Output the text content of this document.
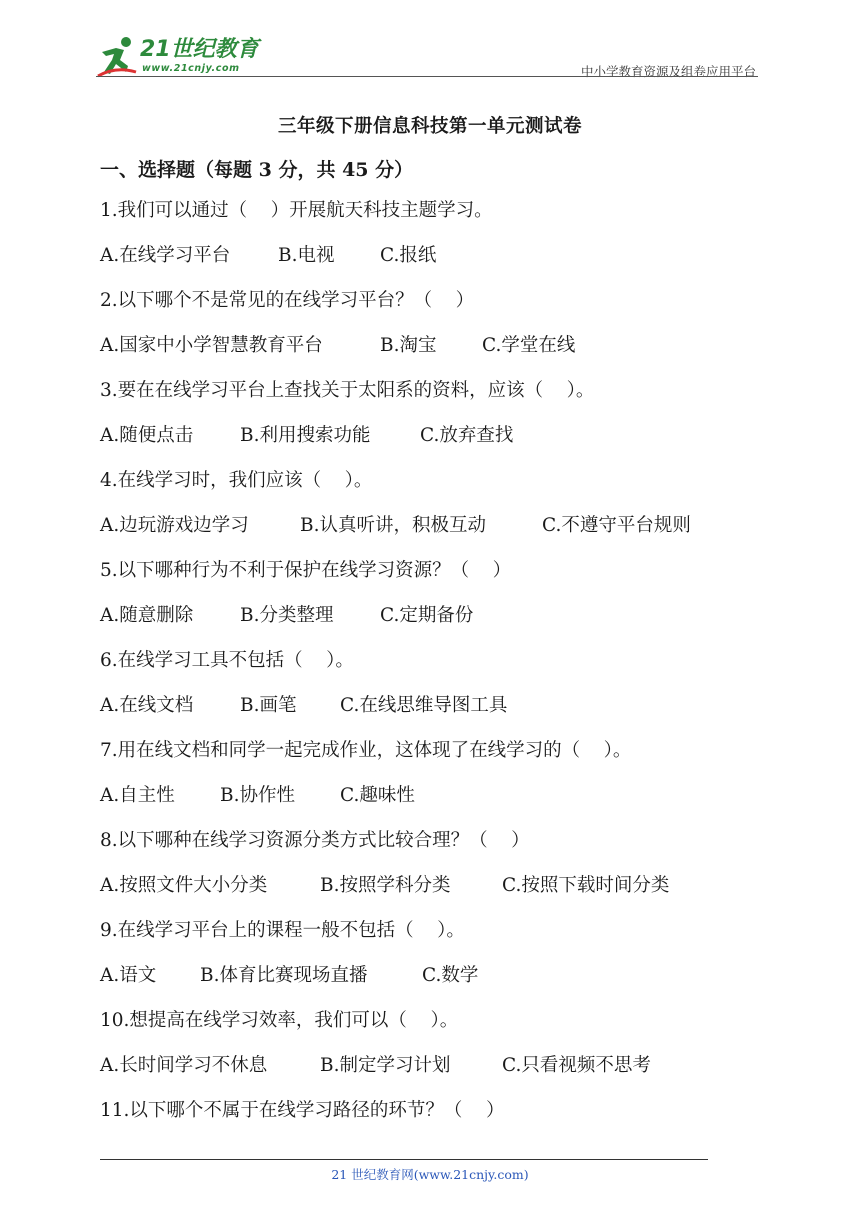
21世纪教育
www.21cnjy.com	中小学教育资源及组卷应用平台
三年级下册信息科技第一单元测试卷
一、选择题（每题 3 分，共 45 分）
1.我们可以通过（    ）开展航天科技主题学习。
A.在线学习平台	B.电视 C.报纸
2.以下哪个不是常见的在线学习平台？（    ）
A.国家中小学智慧教育平台	B.淘宝 C.学堂在线
3.要在在线学习平台上查找关于太阳系的资料，应该（    ）。
A.随便点击	B.利用搜索功能	C.放弃查找
4.在线学习时，我们应该（    ）。
A.边玩游戏边学习	B.认真听讲，积极互动	C.不遵守平台规则
5.以下哪种行为不利于保护在线学习资源？（    ）
A.随意删除	B.分类整理	C.定期备份
6.在线学习工具不包括（    ）。
A.在线文档	B.画笔 C.在线思维导图工具
7.用在线文档和同学一起完成作业，这体现了在线学习的（    ）。
A.自主性 B.协作性 C.趣味性
8.以下哪种在线学习资源分类方式比较合理？（    ）
A.按照文件大小分类	B.按照学科分类	C.按照下载时间分类
9.在线学习平台上的课程一般不包括（    ）。
A.语文 B.体育比赛现场直播	C.数学
10.想提高在线学习效率，我们可以（    ）。
A.长时间学习不休息	B.制定学习计划	C.只看视频不思考
11.以下哪个不属于在线学习路径的环节？（    ）
21 世纪教育网(www.21cnjy.com)
